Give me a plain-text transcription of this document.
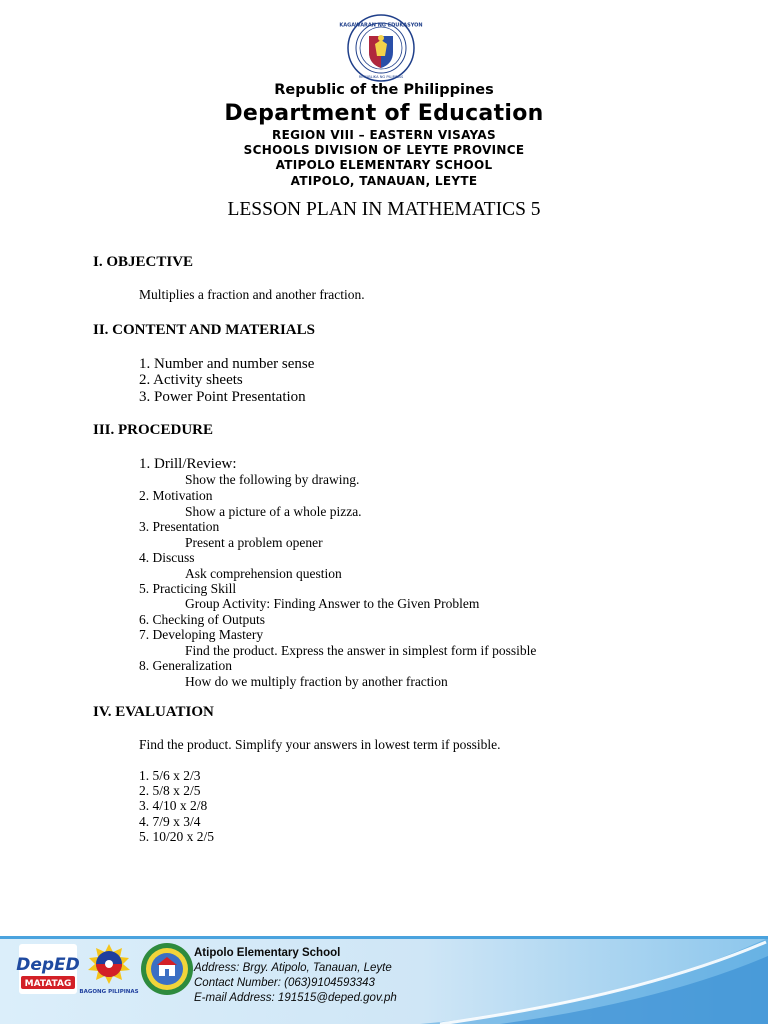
KAGAWARAN NG EDUKASYON
REPUBLIKA NG PILIPINAS
Republic of the Philippines
Department of Education
REGION VIII – EASTERN VISAYAS
SCHOOLS DIVISION OF LEYTE PROVINCE
ATIPOLO ELEMENTARY SCHOOL
ATIPOLO, TANAUAN, LEYTE
LESSON PLAN IN MATHEMATICS 5
I. OBJECTIVE
Multiplies a fraction and another fraction.
II. CONTENT AND MATERIALS
1. Number and number sense
2. Activity sheets
3. Power Point Presentation
III. PROCEDURE
1. Drill/Review:
Show the following by drawing.
2. Motivation
Show a picture of a whole pizza.
3. Presentation
Present a problem opener
4. Discuss
Ask comprehension question
5. Practicing Skill
Group Activity: Finding Answer to the Given Problem
6. Checking of Outputs
7. Developing Mastery
Find the product. Express the answer in simplest form if possible
8. Generalization
How do we multiply fraction by another fraction
IV. EVALUATION
Find the product. Simplify your answers in lowest term if possible.
1. 5/6 x 2/3
2. 5/8 x 2/5
3. 4/10 x 2/8
4. 7/9 x 3/4
5. 10/20 x 2/5
DepED
MATATAG
BAGONG PILIPINAS
Atipolo Elementary School
Address: Brgy. Atipolo, Tanauan, Leyte
Contact Number: (063)9104593343
E-mail Address: 191515@deped.gov.ph
